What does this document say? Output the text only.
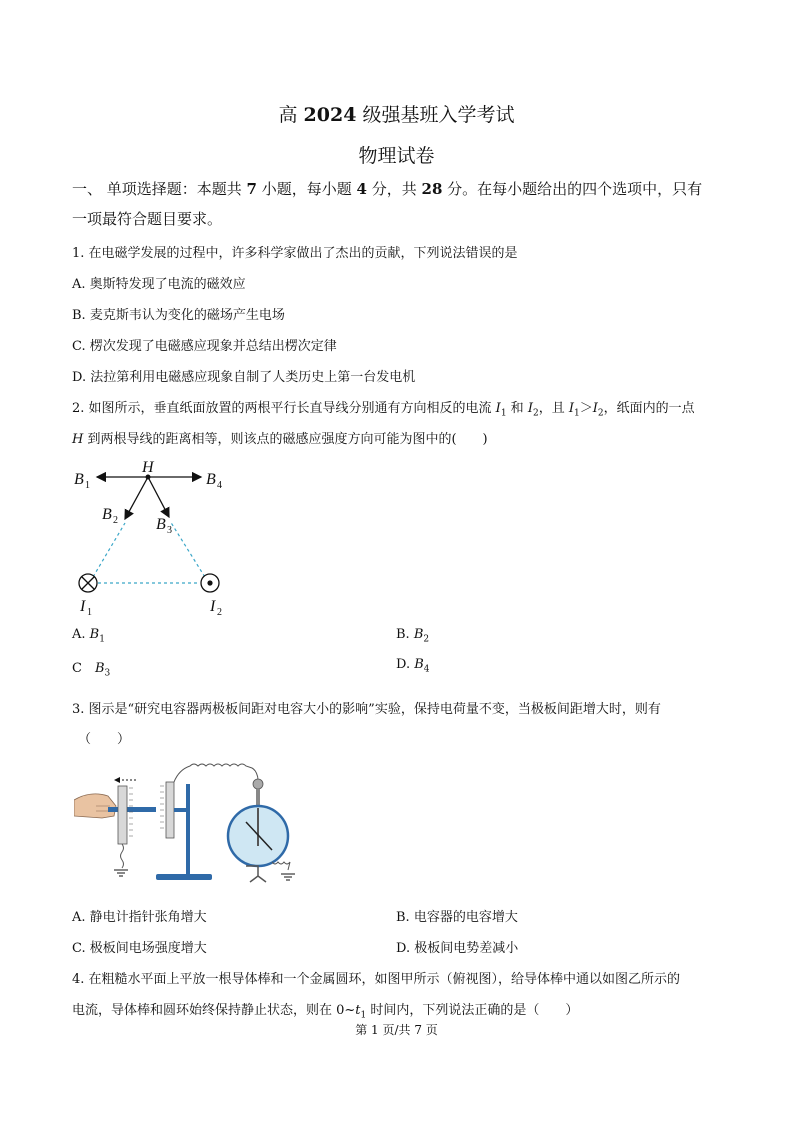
高 2024 级强基班入学考试
物理试卷
一、 单项选择题：本题共 7 小题，每小题 4 分，共 28 分。在每小题给出的四个选项中，只有
一项最符合题目要求。
1. 在电磁学发展的过程中，许多科学家做出了杰出的贡献，下列说法错误的是
A. 奥斯特发现了电流的磁效应
B. 麦克斯韦认为变化的磁场产生电场
C. 楞次发现了电磁感应现象并总结出楞次定律
D. 法拉第利用电磁感应现象自制了人类历史上第一台发电机
2. 如图所示，垂直纸面放置的两根平行长直导线分别通有方向相反的电流 $I_1$ 和 $I_2$，且 $I_1>I_2$，纸面内的一点
H 到两根导线的距离相等，则该点的磁感应强度方向可能为图中的(　　)
H
B	B
B
B
I	I
1	4
2
3
1	2
A. $B_1$	B. $B_2$
C　$B_3$
D. $B_4$
3. 图示是“研究电容器两极板间距对电容大小的影响”实验，保持电荷量不变，当极板间距增大时，则有
（　　）
A. 静电计指针张角增大	B. 电容器的电容增大
C. 极板间电场强度增大	D. 极板间电势差减小
4. 在粗糙水平面上平放一根导体棒和一个金属圆环，如图甲所示（俯视图），给导体棒中通以如图乙所示的
电流，导体棒和圆环始终保持静止状态，则在 $0\sim t_1$ 时间内，下列说法正确的是（　　）
第 1 页/共 7 页
